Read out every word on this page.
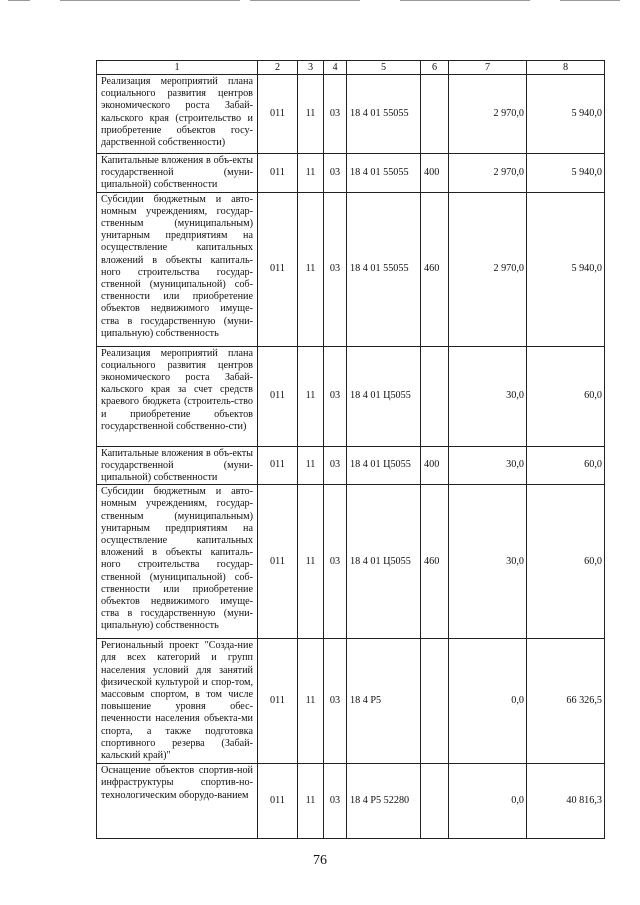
1	2	3	4	5	6	7	8
Реализация мероприятий плана социального развития центров экономического роста Забай-кальского края (строительство и приобретение объектов госу-дарственной собственности)	011	11	03	18 4 01 55055		2 970,0	5 940,0
Капитальные вложения в объ-екты государственной (муни-ципальной) собственности	011	11	03	18 4 01 55055	400	2 970,0	5 940,0
Субсидии бюджетным и авто-номным учреждениям, государ-ственным (муниципальным) унитарным предприятиям на осуществление капитальных вложений в объекты капиталь-ного строительства государ-ственной (муниципальной) соб-ственности или приобретение объектов недвижимого имуще-ства в государственную (муни-ципальную) собственность	011	11	03	18 4 01 55055	460	2 970,0	5 940,0
Реализация мероприятий плана социального развития центров экономического роста Забай-кальского края за счет средств краевого бюджета (строитель-ство и приобретение объектов государственной собственно-сти)	011	11	03	18 4 01 Ц5055		30,0	60,0
Капитальные вложения в объ-екты государственной (муни-ципальной) собственности	011	11	03	18 4 01 Ц5055	400	30,0	60,0
Субсидии бюджетным и авто-номным учреждениям, государ-ственным (муниципальным) унитарным предприятиям на осуществление капитальных вложений в объекты капиталь-ного строительства государ-ственной (муниципальной) соб-ственности или приобретение объектов недвижимого имуще-ства в государственную (муни-ципальную) собственность	011	11	03	18 4 01 Ц5055	460	30,0	60,0
Региональный проект "Созда-ние для всех категорий и групп населения условий для занятий физической культурой и спор-том, массовым спортом, в том числе повышение уровня обес-печенности населения объекта-ми спорта, а также подготовка спортивного резерва (Забай-кальский край)"	011	11	03	18 4 P5		0,0	66 326,5
Оснащение объектов спортив-ной инфраструктуры спортив-но-технологическим оборудо-ванием	011	11	03	18 4 P5 52280		0,0	40 816,3
76
